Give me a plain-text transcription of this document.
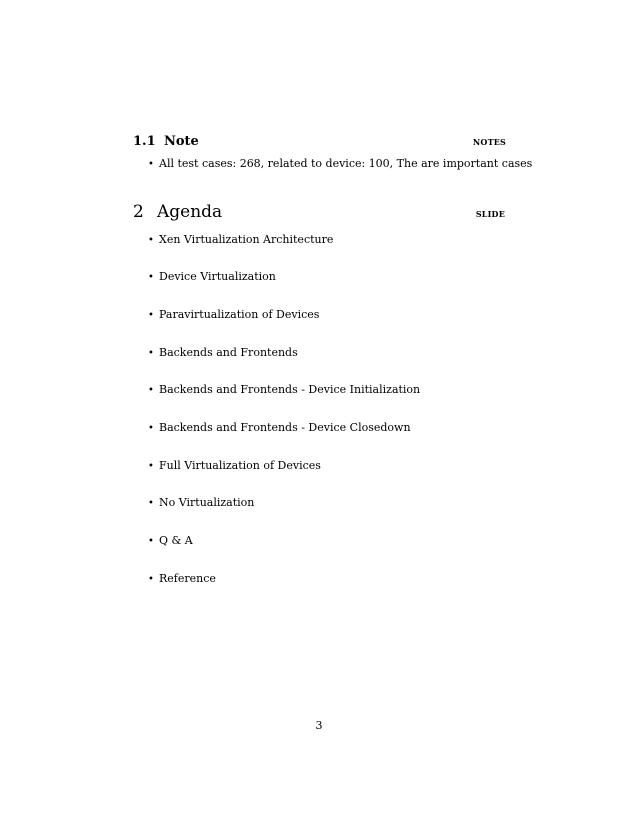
1.1 Note	notes
• All test cases: 268, related to device: 100, The are important cases
2 Agenda	slide
• Xen Virtualization Architecture
• Device Virtualization
• Paravirtualization of Devices
• Backends and Frontends
• Backends and Frontends - Device Initialization
• Backends and Frontends - Device Closedown
• Full Virtualization of Devices
• No Virtualization
• Q & A
• Reference
3
